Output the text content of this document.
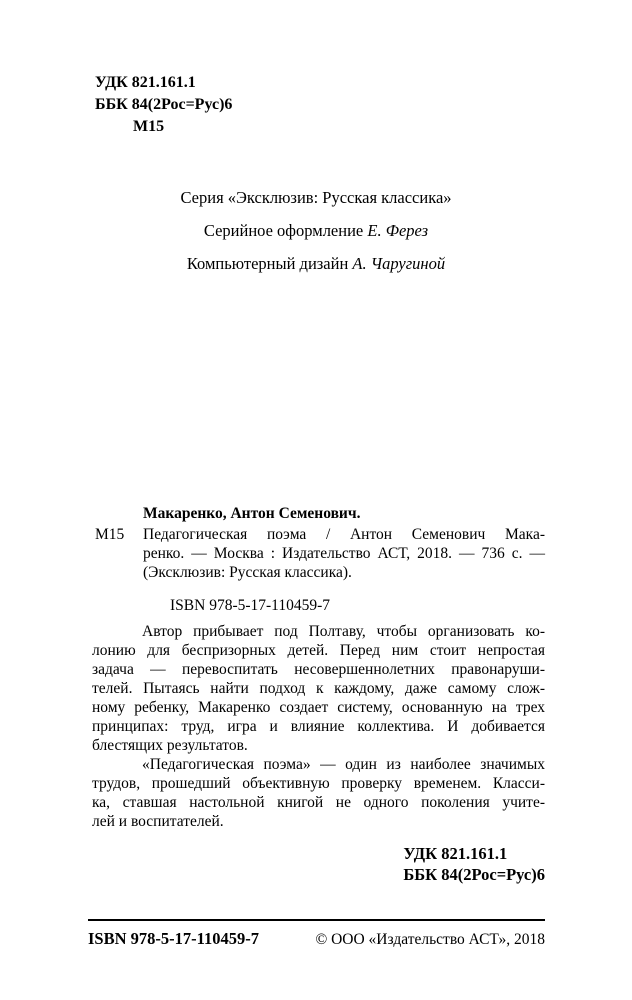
УДК 821.161.1
ББК 84(2Рос=Рус)6
М15
Серия «Эксклюзив: Русская классика»
Серийное оформление Е. Ферез
Компьютерный дизайн А. Чаругиной
М15
Макаренко, Антон Семенович.
Педагогическая поэма / Антон Семенович Мака-
ренко. — Москва : Издательство АСТ, 2018. — 736 с. —
(Эксклюзив: Русская классика).
ISBN 978-5-17-110459-7
Автор прибывает под Полтаву, чтобы организовать ко-
лонию для беспризорных детей. Перед ним стоит непростая
задача — перевоспитать несовершеннолетних правонаруши-
телей. Пытаясь найти подход к каждому, даже самому слож-
ному ребенку, Макаренко создает систему, основанную на трех
принципах: труд, игра и влияние коллектива. И добивается
блестящих результатов.
«Педагогическая поэма» — один из наиболее значимых
трудов, прошедший объективную проверку временем. Класси-
ка, ставшая настольной книгой не одного поколения учите-
лей и воспитателей.
УДК 821.161.1
ББК 84(2Рос=Рус)6
ISBN 978-5-17-110459-7	© ООО «Издательство АСТ», 2018
